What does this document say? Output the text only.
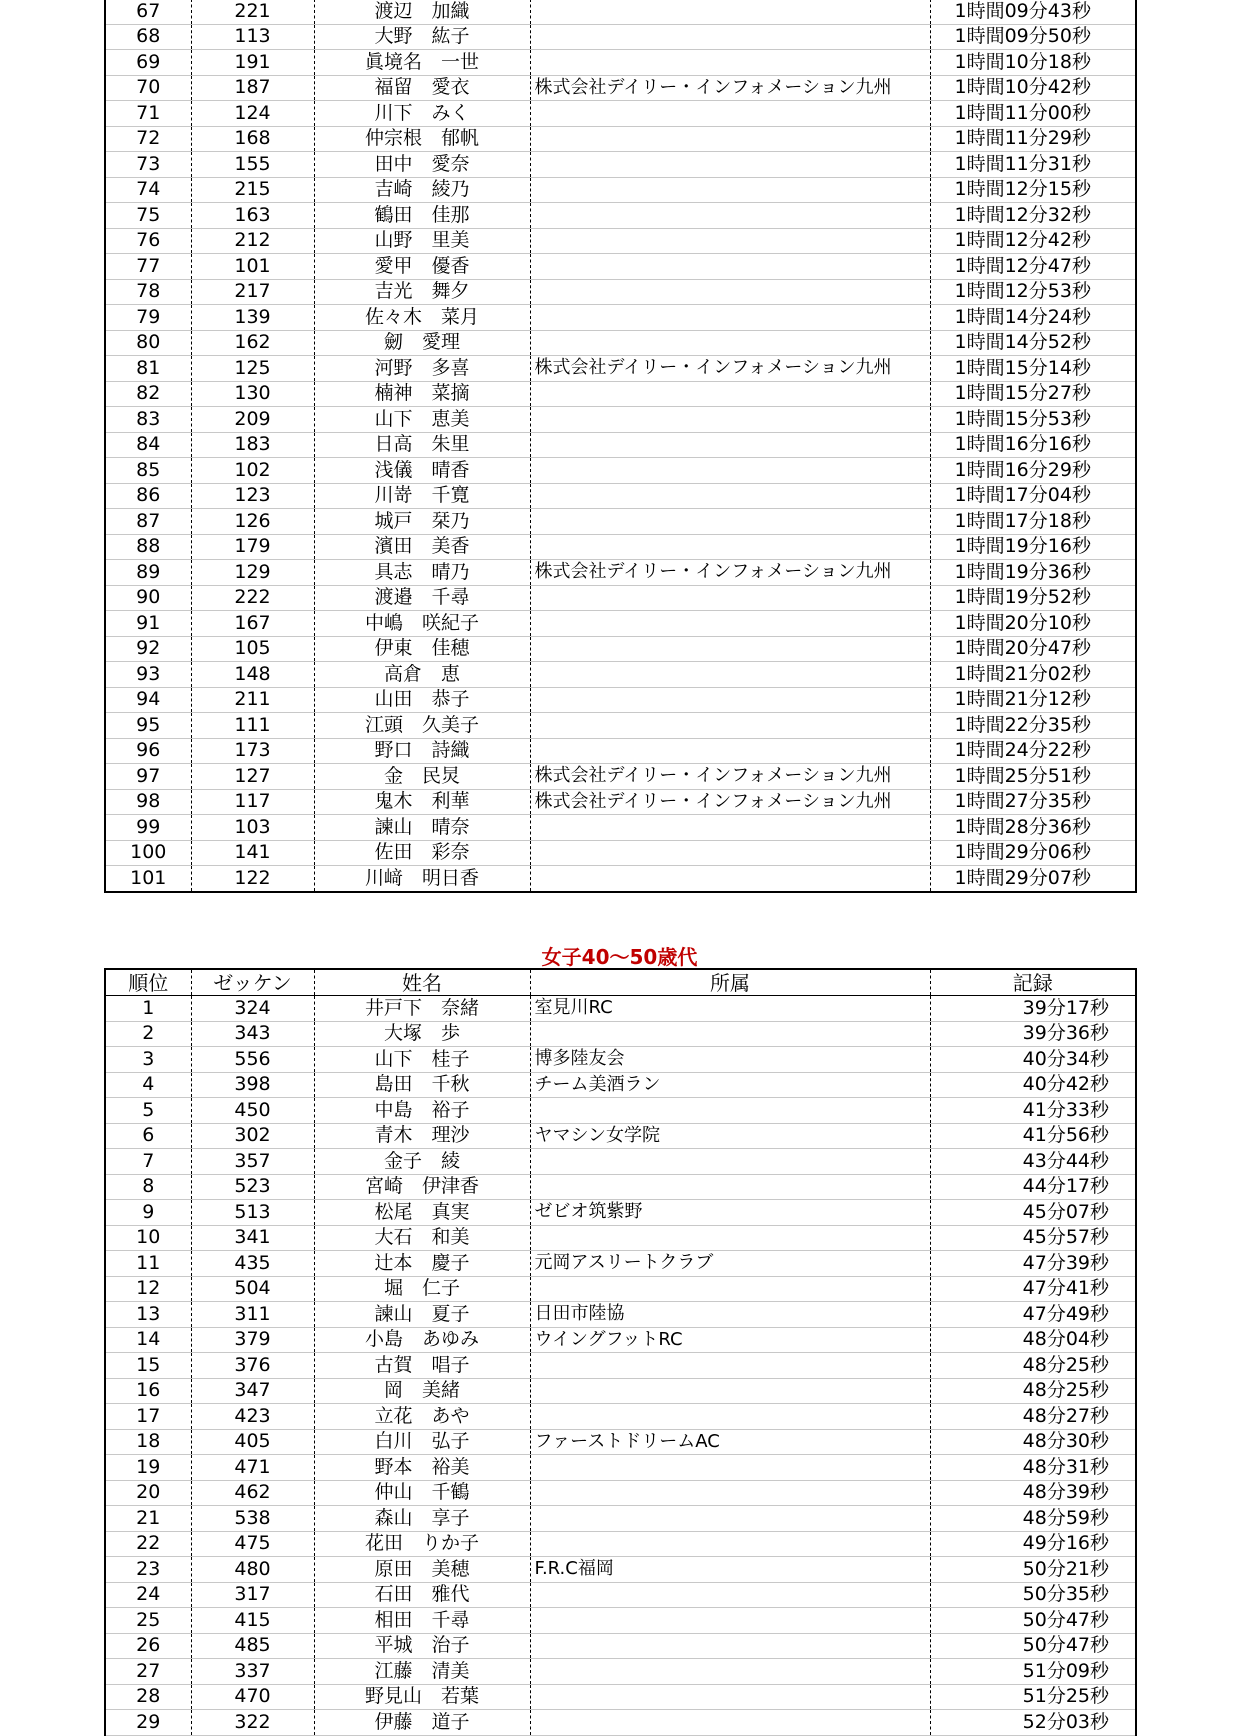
67	221	渡辺　加織		1時間09分43秒
68	113	大野　紘子		1時間09分50秒
69	191	眞境名　一世		1時間10分18秒
70	187	福留　愛衣	株式会社デイリー・インフォメーション九州	1時間10分42秒
71	124	川下　みく		1時間11分00秒
72	168	仲宗根　郁帆		1時間11分29秒
73	155	田中　愛奈		1時間11分31秒
74	215	吉崎　綾乃		1時間12分15秒
75	163	鶴田　佳那		1時間12分32秒
76	212	山野　里美		1時間12分42秒
77	101	愛甲　優香		1時間12分47秒
78	217	吉光　舞夕		1時間12分53秒
79	139	佐々木　菜月		1時間14分24秒
80	162	劒　愛理		1時間14分52秒
81	125	河野　多喜	株式会社デイリー・インフォメーション九州	1時間15分14秒
82	130	楠神　菜摘		1時間15分27秒
83	209	山下　恵美		1時間15分53秒
84	183	日高　朱里		1時間16分16秒
85	102	浅儀　晴香		1時間16分29秒
86	123	川嵜　千寛		1時間17分04秒
87	126	城戸　栞乃		1時間17分18秒
88	179	濱田　美香		1時間19分16秒
89	129	具志　晴乃	株式会社デイリー・インフォメーション九州	1時間19分36秒
90	222	渡邉　千尋		1時間19分52秒
91	167	中嶋　咲紀子		1時間20分10秒
92	105	伊東　佳穂		1時間20分47秒
93	148	高倉　恵		1時間21分02秒
94	211	山田　恭子		1時間21分12秒
95	111	江頭　久美子		1時間22分35秒
96	173	野口　詩織		1時間24分22秒
97	127	金　民炅	株式会社デイリー・インフォメーション九州	1時間25分51秒
98	117	鬼木　利華	株式会社デイリー・インフォメーション九州	1時間27分35秒
99	103	諫山　晴奈		1時間28分36秒
100	141	佐田　彩奈		1時間29分06秒
101	122	川﨑　明日香		1時間29分07秒
女子40～50歳代
順位	ゼッケン	姓名	所属	記録
1	324	井戸下　奈緒	室見川RC	39分17秒
2	343	大塚　歩		39分36秒
3	556	山下　桂子	博多陸友会	40分34秒
4	398	島田　千秋	チーム美酒ラン	40分42秒
5	450	中島　裕子		41分33秒
6	302	青木　理沙	ヤマシン女学院	41分56秒
7	357	金子　綾		43分44秒
8	523	宮崎　伊津香		44分17秒
9	513	松尾　真実	ゼビオ筑紫野	45分07秒
10	341	大石　和美		45分57秒
11	435	辻本　慶子	元岡アスリートクラブ	47分39秒
12	504	堀　仁子		47分41秒
13	311	諫山　夏子	日田市陸協	47分49秒
14	379	小島　あゆみ	ウイングフットRC	48分04秒
15	376	古賀　唱子		48分25秒
16	347	岡　美緒		48分25秒
17	423	立花　あや		48分27秒
18	405	白川　弘子	ファーストドリームAC	48分30秒
19	471	野本　裕美		48分31秒
20	462	仲山　千鶴		48分39秒
21	538	森山　享子		48分59秒
22	475	花田　りか子		49分16秒
23	480	原田　美穂	F.R.C福岡	50分21秒
24	317	石田　雅代		50分35秒
25	415	相田　千尋		50分47秒
26	485	平城　治子		50分47秒
27	337	江藤　清美		51分09秒
28	470	野見山　若葉		51分25秒
29	322	伊藤　道子		52分03秒
